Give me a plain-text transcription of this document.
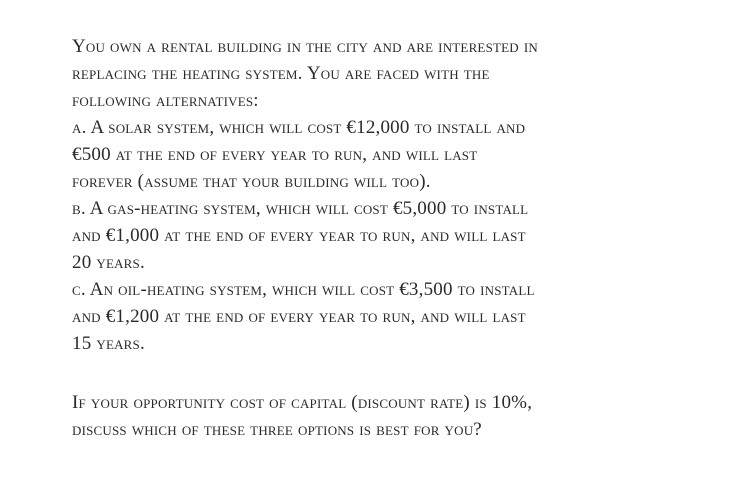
You own a rental building in the city and are interested in
replacing the heating system. You are faced with the
following alternatives:
a. A solar system, which will cost €12,000 to install and
€500 at the end of every year to run, and will last
forever (assume that your building will too).
b. A gas-heating system, which will cost €5,000 to install
and €1,000 at the end of every year to run, and will last
20 years.
c. An oil-heating system, which will cost €3,500 to install
and €1,200 at the end of every year to run, and will last
15 years.
If your opportunity cost of capital (discount rate) is 10%,
discuss which of these three options is best for you?
